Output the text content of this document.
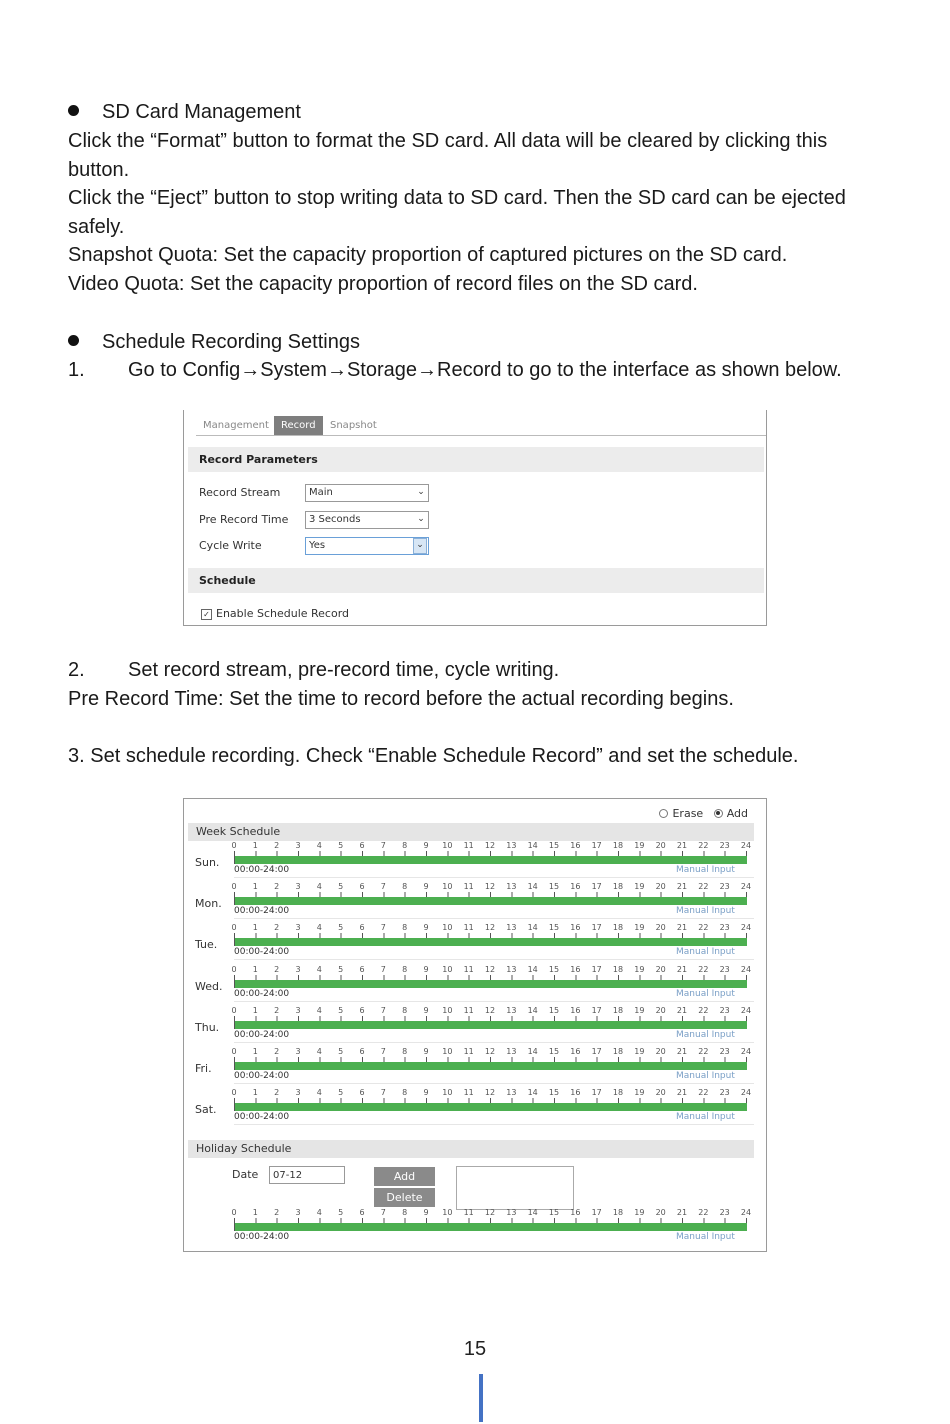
SD Card Management

Click the “Format” button to format the SD card. All data will be cleared by clicking this button.

Click the “Eject” button to stop writing data to SD card. Then the SD card can be ejected safely.

Snapshot Quota: Set the capacity proportion of captured pictures on the SD card.

Video Quota: Set the capacity proportion of record files on the SD card.

Schedule Recording Settings
1. Go to Config→System→Storage→Record to go to the interface as shown below.
Management	Record	Snapshot
Record Parameters
Record Stream	Main	⌄
Pre Record Time	3 Seconds	⌄
Cycle Write	Yes	⌄
Schedule
✓ Enable Schedule Record
2. Set record stream, pre-record time, cycle writing.

Pre Record Time: Set the time to record before the actual recording begins.

3. Set schedule recording. Check “Enable Schedule Record” and set the schedule.

Erase Add
Week Schedule
Sun.
0 1 2 3 4 5 6 7 8 9 10 11 12 13 14 15 16 17 18 19 20 21 22 23 24
00:00-24:00	Manual Input
Mon.
0 1 2 3 4 5 6 7 8 9 10 11 12 13 14 15 16 17 18 19 20 21 22 23 24
00:00-24:00	Manual Input
Tue.
0 1 2 3 4 5 6 7 8 9 10 11 12 13 14 15 16 17 18 19 20 21 22 23 24
00:00-24:00	Manual Input
Wed.
0 1 2 3 4 5 6 7 8 9 10 11 12 13 14 15 16 17 18 19 20 21 22 23 24
00:00-24:00	Manual Input
Thu.
0 1 2 3 4 5 6 7 8 9 10 11 12 13 14 15 16 17 18 19 20 21 22 23 24
00:00-24:00	Manual Input
Fri.
0 1 2 3 4 5 6 7 8 9 10 11 12 13 14 15 16 17 18 19 20 21 22 23 24
00:00-24:00	Manual Input
Sat.
0 1 2 3 4 5 6 7 8 9 10 11 12 13 14 15 16 17 18 19 20 21 22 23 24
00:00-24:00	Manual Input
Holiday Schedule
Date	07-12	Add
Delete
0 1 2 3 4 5 6 7 8 9 10 11 12 13 14 15 16 17 18 19 20 21 22 23 24
00:00-24:00	Manual Input
15
